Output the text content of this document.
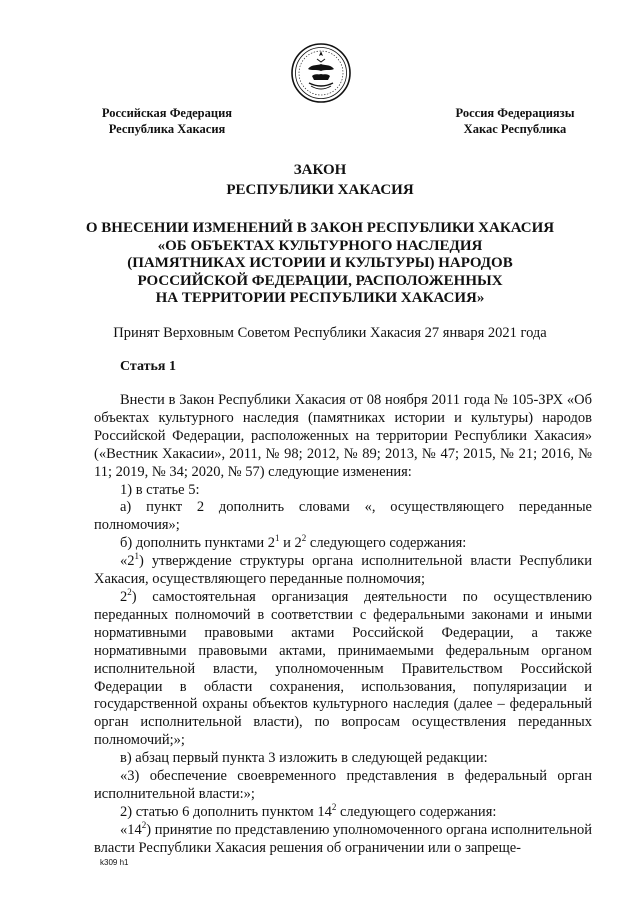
Российская Федерация
Республика Хакасия
Россия Федерациязы
Хакас Республика
ЗАКОН
РЕСПУБЛИКИ ХАКАСИЯ
О ВНЕСЕНИИ ИЗМЕНЕНИЙ В ЗАКОН РЕСПУБЛИКИ ХАКАСИЯ
«ОБ ОБЪЕКТАХ КУЛЬТУРНОГО НАСЛЕДИЯ
(ПАМЯТНИКАХ ИСТОРИИ И КУЛЬТУРЫ) НАРОДОВ
РОССИЙСКОЙ ФЕДЕРАЦИИ, РАСПОЛОЖЕННЫХ
НА ТЕРРИТОРИИ РЕСПУБЛИКИ ХАКАСИЯ»
Принят Верховным Советом Республики Хакасия 27 января 2021 года
Статья 1

Внести в Закон Республики Хакасия от 08 ноября 2011 года № 105-ЗРХ «Об объектах культурного наследия (памятниках истории и культуры) народов Российской Федерации, расположенных на территории Республики Хакасия» («Вестник Хакасии», 2011, № 98; 2012, № 89; 2013, № 47; 2015, № 21; 2016, № 11; 2019, № 34; 2020, № 57) следующие изменения:

1) в статье 5:

а) пункт 2 дополнить словами «, осуществляющего переданные полномочия»;

б) дополнить пунктами $2^1$ и $2^2$ следующего содержания:

«$2^1$) утверждение структуры органа исполнительной власти Республики Хакасия, осуществляющего переданные полномочия;

$2^2$) самостоятельная организация деятельности по осуществлению переданных полномочий в соответствии с федеральными законами и иными нормативными правовыми актами Российской Федерации, а также нормативными правовыми актами, принимаемыми федеральным органом исполнительной власти, уполномоченным Правительством Российской Федерации в области сохранения, использования, популяризации и государственной охраны объектов культурного наследия (далее – федеральный орган исполнительной власти), по вопросам осуществления переданных полномочий;»;

в) абзац первый пункта 3 изложить в следующей редакции:

«3) обеспечение своевременного представления в федеральный орган исполнительной власти:»;

2) статью 6 дополнить пунктом $14^2$ следующего содержания:

«$14^2$) принятие по представлению уполномоченного органа исполнительной власти Республики Хакасия решения об ограничении или о запреще-

k309 h1
